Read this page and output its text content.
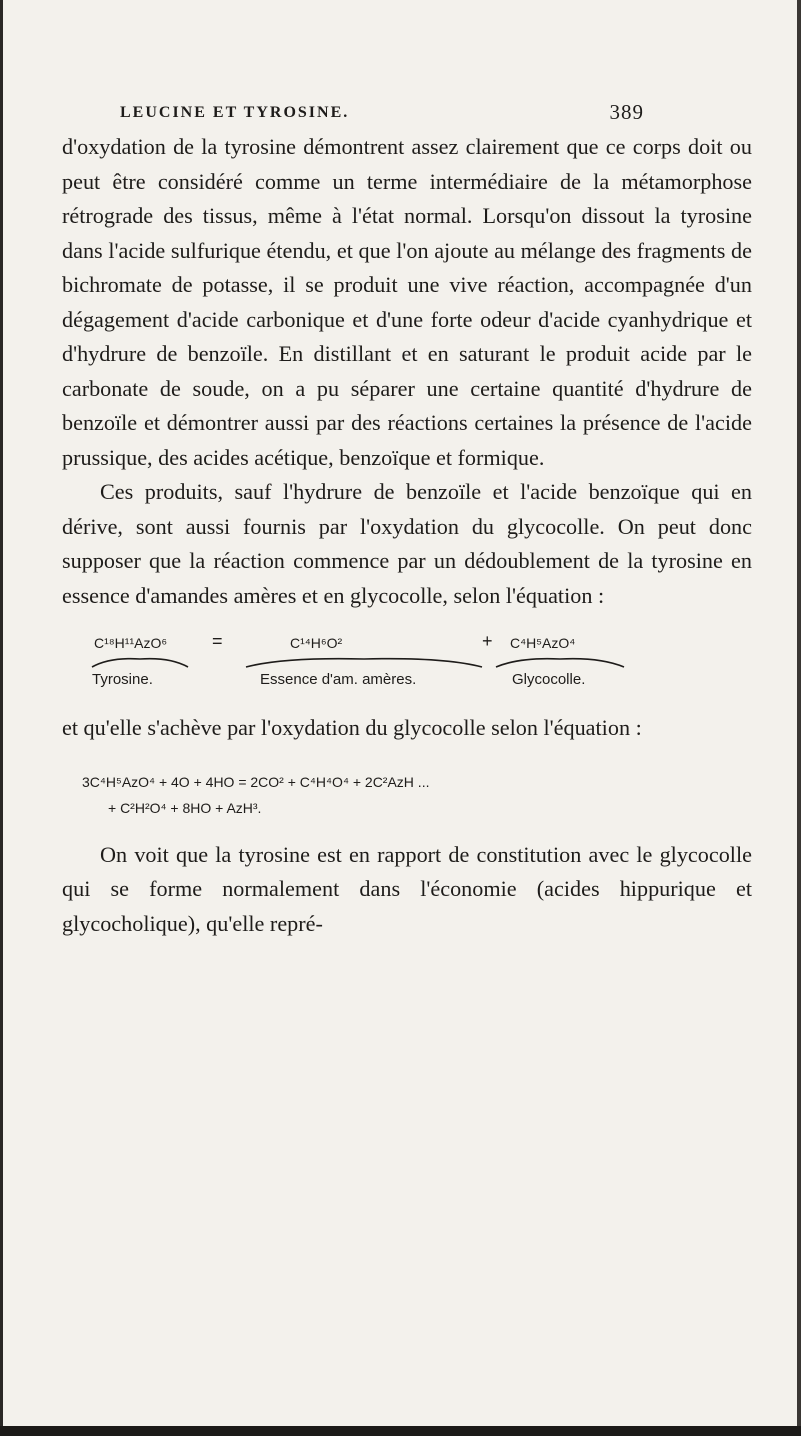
LEUCINE ET TYROSINE.	389

d'oxydation de la tyrosine démontrent assez clairement que ce corps doit ou peut être considéré comme un terme intermédiaire de la métamorphose rétrograde des tissus, même à l'état normal. Lorsqu'on dissout la tyrosine dans l'acide sulfurique étendu, et que l'on ajoute au mélange des fragments de bichromate de potasse, il se produit une vive réaction, accompagnée d'un dégagement d'acide carbonique et d'une forte odeur d'acide cyanhydrique et d'hydrure de benzoïle. En distillant et en saturant le produit acide par le carbonate de soude, on a pu séparer une certaine quantité d'hydrure de benzoïle et démontrer aussi par des réactions certaines la présence de l'acide prussique, des acides acétique, benzoïque et formique.

Ces produits, sauf l'hydrure de benzoïle et l'acide benzoïque qui en dérive, sont aussi fournis par l'oxydation du glycocolle. On peut donc supposer que la réaction commence par un dédoublement de la tyrosine en essence d'amandes amères et en glycocolle, selon l'équation :

C¹⁸H¹¹AzO⁶ =	C¹⁴H⁶O²	+ C⁴H⁵AzO⁴
Tyrosine.	Essence d'am. amères.	Glycocolle.

et qu'elle s'achève par l'oxydation du glycocolle selon l'équation :

3C⁴H⁵AzO⁴ + 4O + 4HO = 2CO² + C⁴H⁴O⁴ + 2C²AzH ...
+ C²H²O⁴ + 8HO + AzH³.

On voit que la tyrosine est en rapport de constitution avec le glycocolle qui se forme normalement dans l'économie (acides hippurique et glycocholique), qu'elle repré-
